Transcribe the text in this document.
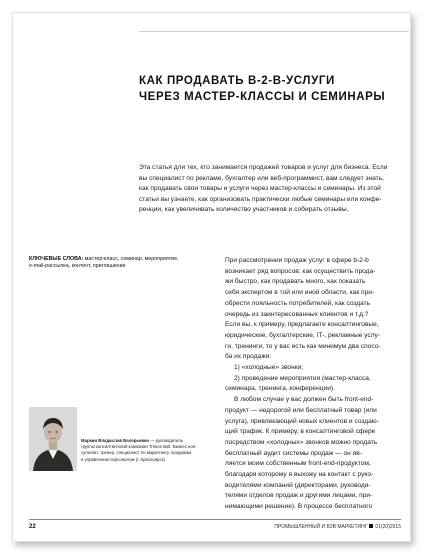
КАК ПРОДАВАТЬ B-2-B-УСЛУГИ
ЧЕРЕЗ МАСТЕР-КЛАССЫ И СЕМИНАРЫ

Эта статья для тех, кто занимается продажей товаров и услуг для бизнеса. Если
вы специалист по рекламе, бухгалтер или веб-программист, вам следует знать,
как продавать свои товары и услуги через мастер-классы и семинары. Из этой
статьи вы узнаете, как организовать практически любые семинары или конфе-
ренции, как увеличивать количество участников и собирать отзывы.

КЛЮЧЕВЫЕ СЛОВА: мастер-класс, семинар, мероприятие,
e-mail-рассылка, контент, приглашение

Маркин Владислав Валерьевич — руководитель
группы консалтинговой компании Trimex Bolt. Бизнес-кон-
сультант, тренер, специалист по маркетингу, продажам
и управлению персоналом (г. Красноярск)

При рассмотрении продаж услуг в сфере b-2-b
возникает ряд вопросов: как осуществить прода-
жи быстро, как продавать много, как показать
себя экспертом в той или иной области, как при-
обрести лояльность потребителей, как создать
очередь из заинтересованных клиентов и т.д.?
Если вы, к примеру, предлагаете консалтинговые,
юридические, бухгалтерские, IT-, рекламные услу-
ги, тренинги, то у вас есть как минимум два спосо-
ба их продажи:
1) «холодные» звонки;
2) проведение мероприятия (мастер-класса,
семинара, тренинга, конференции).
В любом случае у вас должен быть front-end-
продукт — недорогой или бесплатный товар (или
услуга), привлекающий новых клиентов и создаю-
щий трафик. К примеру, в консалтинговой сфере
посредством «холодных» звонков можно продать
бесплатный аудит системы продаж — он яв-
ляется моим собственным front-end-продуктом,
благодаря которому я выхожу на контакт с руко-
водителями компаний (директорами, руководи-
телями отделов продаж и другими лицами, при-
нимающими решение). В процессе бесплатного

22	ПРОМЫШЛЕННЫЙ И В2В МАРКЕТИНГ 01(20)2015
